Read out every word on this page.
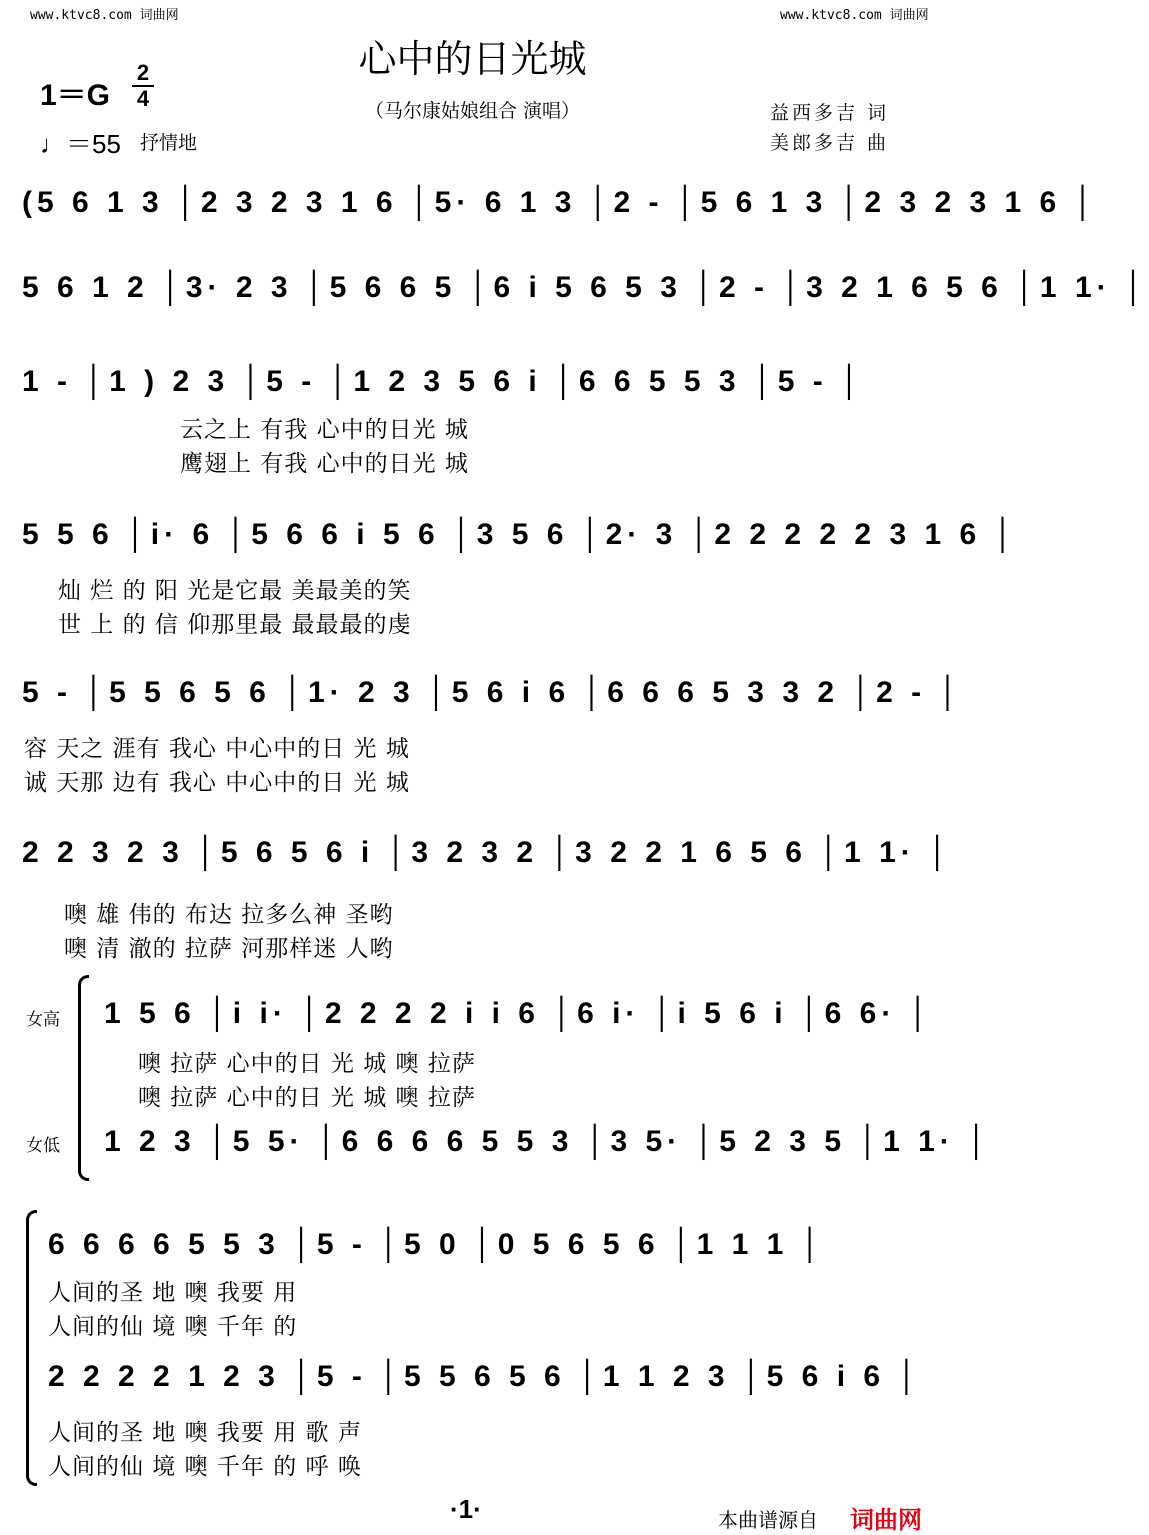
www.ktvc8.com 词曲网	www.ktvc8.com 词曲网
心中的日光城
（马尔康姑娘组合 演唱）	益西多吉 词
美郎多吉 曲
1＝G
2
4
♩＝55 抒情地
(5 6 1 3 │2 3 2 3 1 6 │5· 6 1 3 │2 - │5 6 1 3 │2 3 2 3 1 6 │
5 6 1 2 │3· 2 3 │5 6 6 5 │6 i 5 6 5 3 │2 - │3 2 1 6 5 6 │1 1· │
1 - │1 ) 2 3 │5 - │1 2 3 5 6 i │6 6 5 5 3 │5 - │
云之上 有我 心中的日光 城
鹰翅上 有我 心中的日光 城
5 5 6 │i· 6 │5 6 6 i 5 6 │3 5 6 │2· 3 │2 2 2 2 2 3 1 6 │
灿 烂 的 阳 光是它最 美最美的笑
世 上 的 信 仰那里最 最最最的虔
5 - │5 5 6 5 6 │1· 2 3 │5 6 i 6 │6 6 6 5 3 3 2 │2 - │
容 天之 涯有 我心 中心中的日 光 城
诚 天那 边有 我心 中心中的日 光 城
2 2 3 2 3 │5 6 5 6 i │3 2 3 2 │3 2 2 1 6 5 6 │1 1· │
噢 雄 伟的 布达 拉多么神 圣哟
噢 清 澈的 拉萨 河那样迷 人哟
女高 1 5 6 │i i· │2 2 2 2 i i 6 │6 i· │i 5 6 i │6 6· │
噢 拉萨 心中的日 光 城 噢 拉萨
噢 拉萨 心中的日 光 城 噢 拉萨
女低 1 2 3 │5 5· │6 6 6 6 5 5 3 │3 5· │5 2 3 5 │1 1· │
6 6 6 6 5 5 3 │5 - │5 0 │0 5 6 5 6 │1 1 1 │
人间的圣 地 噢 我要 用
人间的仙 境 噢 千年 的
2 2 2 2 1 2 3 │5 - │5 5 6 5 6 │1 1 2 3 │5 6 i 6 │
人间的圣 地 噢 我要 用 歌 声
人间的仙 境 噢 千年 的 呼 唤
·1·	本曲谱源自 词曲网
